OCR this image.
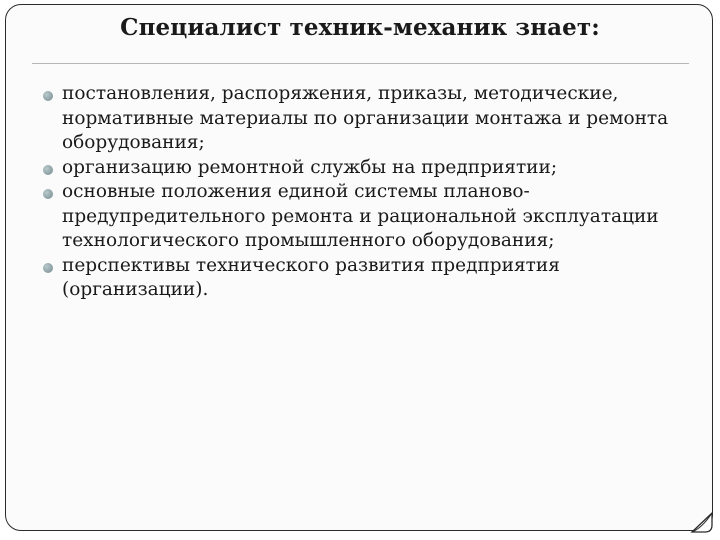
Специалист техник-механик знает:
постановления, распоряжения, приказы, методические, нормативные материалы по организации монтажа и ремонта оборудования;
организацию ремонтной службы на предприятии;
основные положения единой системы планово-предупредительного ремонта и рациональной эксплуатации технологического промышленного оборудования;
перспективы технического развития предприятия (организации).
